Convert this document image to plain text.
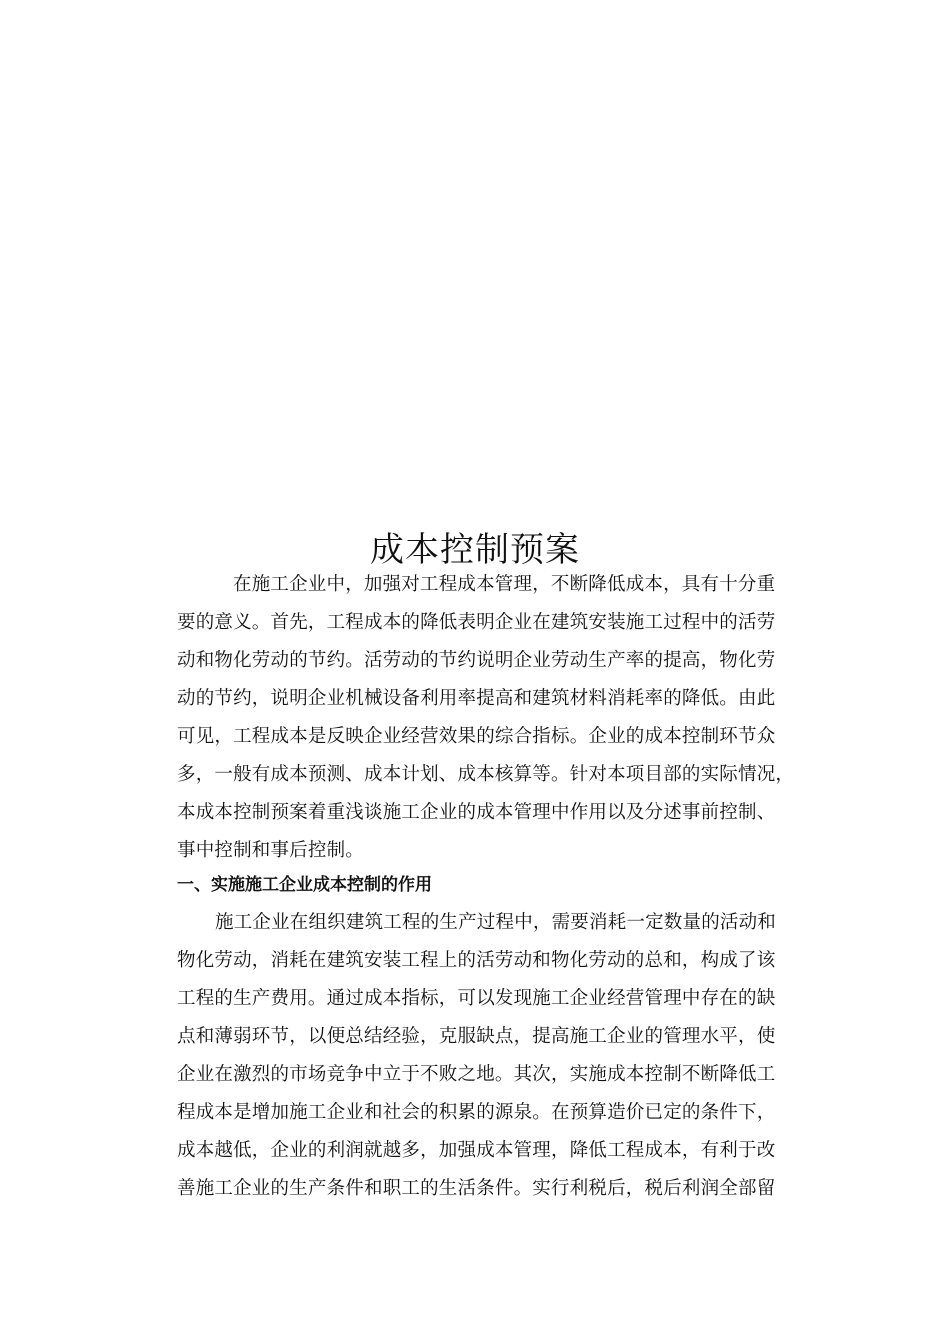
成本控制预案
在施工企业中，加强对工程成本管理，不断降低成本，具有十分重
要的意义。首先，工程成本的降低表明企业在建筑安装施工过程中的活劳
动和物化劳动的节约。活劳动的节约说明企业劳动生产率的提高，物化劳
动的节约，说明企业机械设备利用率提高和建筑材料消耗率的降低。由此
可见，工程成本是反映企业经营效果的综合指标。企业的成本控制环节众
多，一般有成本预测、成本计划、成本核算等。针对本项目部的实际情况，
本成本控制预案着重浅谈施工企业的成本管理中作用以及分述事前控制、
事中控制和事后控制。
一、实施施工企业成本控制的作用
施工企业在组织建筑工程的生产过程中，需要消耗一定数量的活动和
物化劳动，消耗在建筑安装工程上的活劳动和物化劳动的总和，构成了该
工程的生产费用。通过成本指标，可以发现施工企业经营管理中存在的缺
点和薄弱环节，以便总结经验，克服缺点，提高施工企业的管理水平，使
企业在激烈的市场竞争中立于不败之地。其次，实施成本控制不断降低工
程成本是增加施工企业和社会的积累的源泉。在预算造价已定的条件下，
成本越低，企业的利润就越多，加强成本管理，降低工程成本，有利于改
善施工企业的生产条件和职工的生活条件。实行利税后，税后利润全部留
